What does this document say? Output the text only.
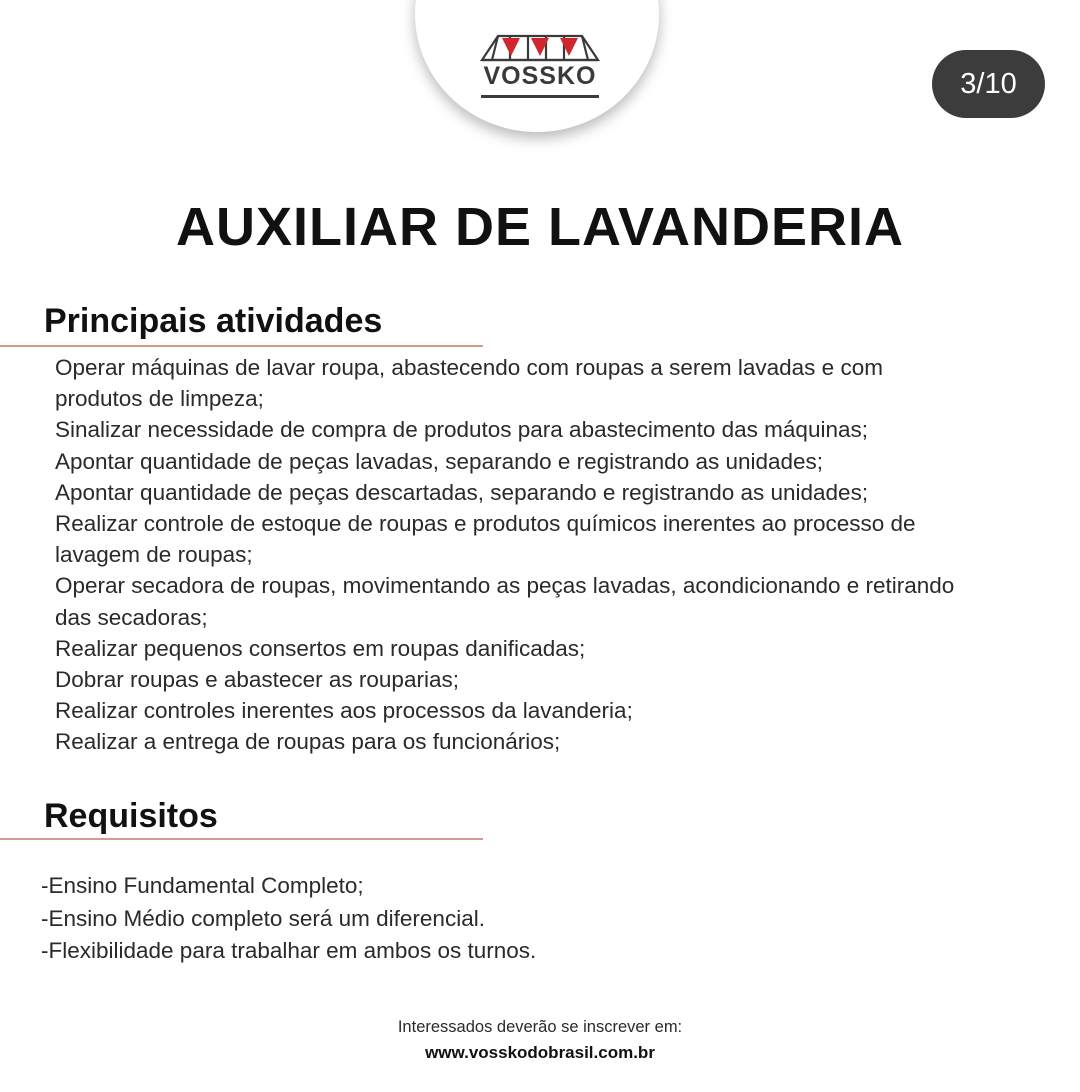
VOSSKO	3/10
AUXILIAR DE LAVANDERIA
Principais atividades
Operar máquinas de lavar roupa, abastecendo com roupas a serem lavadas e com
produtos de limpeza;
Sinalizar necessidade de compra de produtos para abastecimento das máquinas;
Apontar quantidade de peças lavadas, separando e registrando as unidades;
Apontar quantidade de peças descartadas, separando e registrando as unidades;
Realizar controle de estoque de roupas e produtos químicos inerentes ao processo de
lavagem de roupas;
Operar secadora de roupas, movimentando as peças lavadas, acondicionando e retirando
das secadoras;
Realizar pequenos consertos em roupas danificadas;
Dobrar roupas e abastecer as rouparias;
Realizar controles inerentes aos processos da lavanderia;
Realizar a entrega de roupas para os funcionários;
Requisitos
-Ensino Fundamental Completo;
-Ensino Médio completo será um diferencial.
-Flexibilidade para trabalhar em ambos os turnos.
Interessados deverão se inscrever em:
www.vosskodobrasil.com.br
